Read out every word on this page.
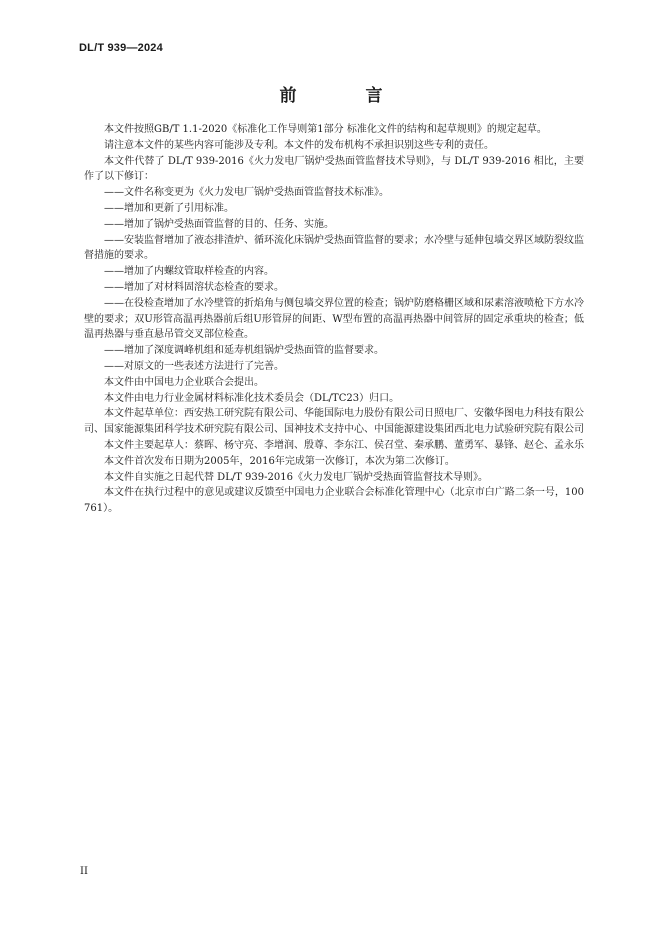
DL/T 939—2024
前　言

本文件按照GB/T 1.1-2020《标准化工作导则第1部分 标准化文件的结构和起草规则》的规定起草。

请注意本文件的某些内容可能涉及专利。本文件的发布机构不承担识别这些专利的责任。

本文件代替了 DL/T 939-2016《火力发电厂锅炉受热面管监督技术导则》，与 DL/T 939-2016 相比，主要作了以下修订：

——文件名称变更为《火力发电厂锅炉受热面管监督技术标准》。

——增加和更新了引用标准。

——增加了锅炉受热面管监督的目的、任务、实施。

——安装监督增加了液态排渣炉、循环流化床锅炉受热面管监督的要求；水冷壁与延伸包墙交界区域防裂纹监督措施的要求。

——增加了内螺纹管取样检查的内容。

——增加了对材料固溶状态检查的要求。

——在役检查增加了水冷壁管的折焰角与侧包墙交界位置的检查；锅炉防磨格栅区域和尿素溶液喷枪下方水冷壁的要求；双U形管高温再热器前后组U形管屏的间距、W型布置的高温再热器中间管屏的固定承重块的检查；低温再热器与垂直悬吊管交叉部位检查。

——增加了深度调峰机组和延寿机组锅炉受热面管的监督要求。

——对原文的一些表述方法进行了完善。

本文件由中国电力企业联合会提出。

本文件由电力行业金属材料标准化技术委员会（DL/TC23）归口。

本文件起草单位：西安热工研究院有限公司、华能国际电力股份有限公司日照电厂、安徽华图电力科技有限公司、国家能源集团科学技术研究院有限公司、国神技术支持中心、中国能源建设集团西北电力试验研究院有限公司

本文件主要起草人：蔡晖、杨守亮、李增润、殷尊、李东江、侯召堂、秦承鹏、董勇军、暴锋、赵仑、孟永乐

本文件首次发布日期为2005年，2016年完成第一次修订，本次为第二次修订。

本文件自实施之日起代替 DL/T 939-2016《火力发电厂锅炉受热面管监督技术导则》。

本文件在执行过程中的意见或建议反馈至中国电力企业联合会标准化管理中心（北京市白广路二条一号，100761）。

II
